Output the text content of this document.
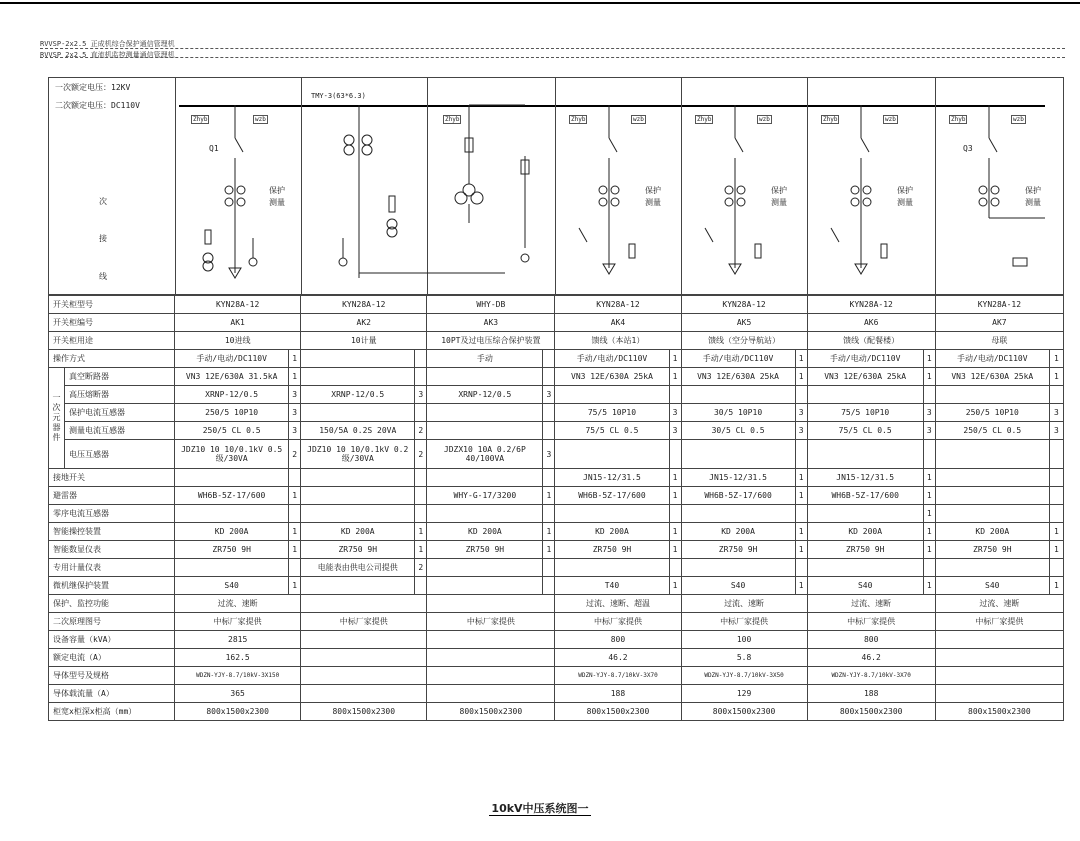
RVVSP-2x2.5 正成机综合保护通信管理机
RVVSP 2x2.5 直流机监控测量通信管理机
一次额定电压：12KV
二次额定电压：DC110V
次
接
线
TMY-3(63*6.3)
Zhyb	wzb
Q1
保护
测量
Zhyb	Zhyb	wzb
保护
测量
Zhyb	wzb
保护
测量
Zhyb	wzb
保护
测量
Zhyb	wzb
Q3
保护
测量
开关柜型号		KYN28A-12		KYN28A-12		WHY-DB		KYN28A-12		KYN28A-12		KYN28A-12		KYN28A-12	
开关柜编号		AK1		AK2		AK3		AK4		AK5		AK6		AK7	
开关柜用途		10进线		10计量		10PT及过电压综合保护装置		馈线（本站1）		馈线（空分导航站）		馈线（配餐楼）		母联	
操作方式		手动/电动/DC110V	1			手动		手动/电动/DC110V	1	手动/电动/DC110V	1	手动/电动/DC110V	1	手动/电动/DC110V	1
一次元器件	真空断路器	VN3 12E/630A 31.5kA	1					VN3 12E/630A 25kA	1	VN3 12E/630A 25kA	1	VN3 12E/630A 25kA	1	VN3 12E/630A 25kA	1
	高压熔断器	XRNP-12/0.5	3	XRNP-12/0.5	3	XRNP-12/0.5	3								
	保护电流互感器	250/5 10P10	3					75/5 10P10	3	30/5 10P10	3	75/5 10P10	3	250/5 10P10	3
	测量电流互感器	250/5 CL 0.5	3	150/5A 0.2S 20VA	2			75/5 CL 0.5	3	30/5 CL 0.5	3	75/5 CL 0.5	3	250/5 CL 0.5	3
	电压互感器	JDZ10 10 10/0.1kV 0.5级/30VA	2	JDZ10 10 10/0.1kV 0.2级/30VA	2	JDZX10 10A 0.2/6P 40/100VA	3								
接地开关								JN15-12/31.5	1	JN15-12/31.5	1	JN15-12/31.5	1		
避雷器		WH6B-5Z-17/600	1			WHY-G-17/3200	1	WH6B-5Z-17/600	1	WH6B-5Z-17/600	1	WH6B-5Z-17/600	1		
零序电流互感器													1		
智能操控装置		KD 200A	1	KD 200A	1	KD 200A	1	KD 200A	1	KD 200A	1	KD 200A	1	KD 200A	1
智能数显仪表		ZR750 9H	1	ZR750 9H	1	ZR750 9H	1	ZR750 9H	1	ZR750 9H	1	ZR750 9H	1	ZR750 9H	1
专用计量仪表				电能表由供电公司提供	2										
微机继保护装置		S40	1					T40	1	S40	1	S40	1	S40	1
保护、监控功能		过流、速断						过流、速断、超温		过流、速断		过流、速断		过流、速断	
二次原理图号		中标厂家提供		中标厂家提供		中标厂家提供		中标厂家提供		中标厂家提供		中标厂家提供		中标厂家提供	
设备容量（kVA）		2815						800		100		800			
额定电流（A）		162.5						46.2		5.8		46.2			
导体型号及规格		WDZN-YJY-8.7/10kV-3X150						WDZN-YJY-8.7/10kV-3X70		WDZN-YJY-8.7/10kV-3X50		WDZN-YJY-8.7/10kV-3X70			
导体载流量（A）		365						188		129		188			
柜宽x柜深x柜高（mm）		800x1500x2300		800x1500x2300		800x1500x2300		800x1500x2300		800x1500x2300		800x1500x2300		800x1500x2300	
10kV中压系统图一
